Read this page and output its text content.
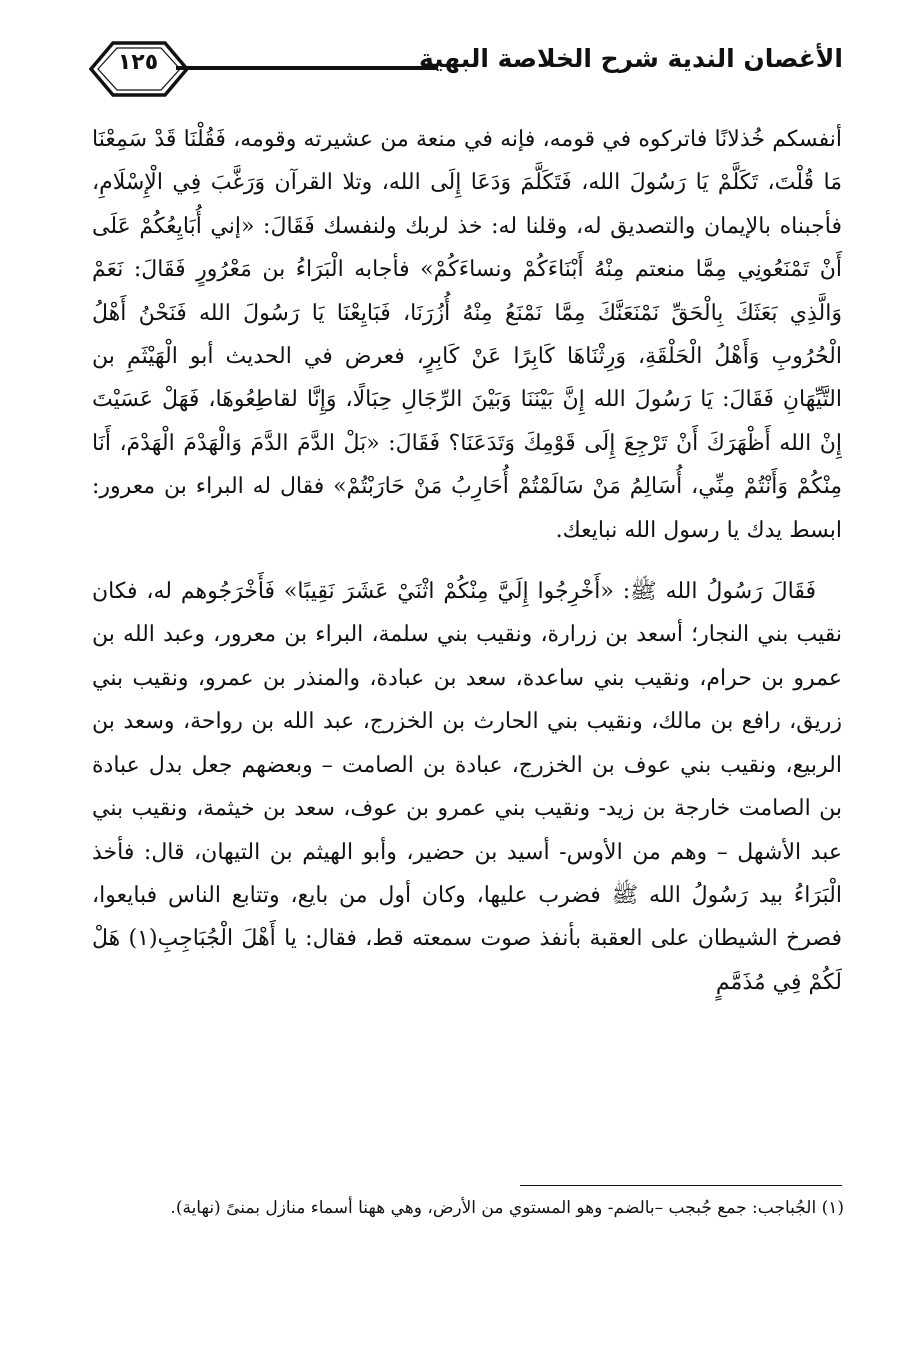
الأغصان الندية شرح الخلاصة البهية
١٢٥

أنفسكم خُذلانًا فاتركوه في قومه، فإنه في منعة من عشيرته وقومه، فَقُلْنَا قَدْ سَمِعْنَا مَا قُلْتَ، تَكَلَّمْ يَا رَسُولَ الله، فَتَكَلَّمَ وَدَعَا إِلَى الله، وتلا القرآن وَرَغَّبَ فِي الْإِسْلَامِ، فأجبناه بالإيمان والتصديق له، وقلنا له: خذ لربك ولنفسك فَقَالَ: «إني أُبَايِعُكُمْ عَلَى أَنْ تَمْنَعُونِي مِمَّا منعتم مِنْهُ أَبْنَاءَكُمْ ونساءَكُمْ» فأجابه الْبَرَاءُ بن مَعْرُورٍ فَقَالَ: نَعَمْ وَالَّذِي بَعَثَكَ بِالْحَقِّ نَمْنَعَنَّكَ مِمَّا نَمْنَعُ مِنْهُ أُزُرَنَا، فَبَايِعْنَا يَا رَسُولَ الله فَنَحْنُ أَهْلُ الْحُرُوبِ وَأَهْلُ الْحَلْقَةِ، وَرِثْنَاهَا كَابِرًا عَنْ كَابِرٍ، فعرض في الحديث أبو الْهَيْثَمِ بن التَّيِّهَانِ فَقَالَ: يَا رَسُولَ الله إِنَّ بَيْنَنَا وَبَيْنَ الرِّجَالِ حِبَالًا، وَإِنَّا لقاطِعُوهَا، فَهَلْ عَسَيْتَ إِنْ الله أَظْهَرَكَ أَنْ تَرْجِعَ إِلَى قَوْمِكَ وَتَدَعَنَا؟ فَقَالَ: «بَلْ الدَّمَ الدَّمَ وَالْهَدْمَ الْهَدْمَ، أَنَا مِنْكُمْ وَأَنْتُمْ مِنِّي، أُسَالِمُ مَنْ سَالَمْتُمْ أُحَارِبُ مَنْ حَارَبْتُمْ» فقال له البراء بن معرور: ابسط يدك يا رسول الله نبايعك.

فَقَالَ رَسُولُ الله ﷺ: «أَخْرِجُوا إِلَيَّ مِنْكُمْ اثْنَيْ عَشَرَ نَقِيبًا» فَأَخْرَجُوهم له، فكان نقيب بني النجار؛ أسعد بن زرارة، ونقيب بني سلمة، البراء بن معرور، وعبد الله بن عمرو بن حرام، ونقيب بني ساعدة، سعد بن عبادة، والمنذر بن عمرو، ونقيب بني زريق، رافع بن مالك، ونقيب بني الحارث بن الخزرج، عبد الله بن رواحة، وسعد بن الربيع، ونقيب بني عوف بن الخزرج، عبادة بن الصامت – وبعضهم جعل بدل عبادة بن الصامت خارجة بن زيد- ونقيب بني عمرو بن عوف، سعد بن خيثمة، ونقيب بني عبد الأشهل – وهم من الأوس- أسيد بن حضير، وأبو الهيثم بن التيهان، قال: فأخذ الْبَرَاءُ بيد رَسُولُ الله ﷺ فضرب عليها، وكان أول من بايع، وتتابع الناس فبايعوا، فصرخ الشيطان على العقبة بأنفذ صوت سمعته قط، فقال: يا أَهْلَ الْجُبَاجِبِ(١) هَلْ لَكُمْ فِي مُذَمَّمٍ

(١) الجُباجب: جمع جُبجب –بالضم- وهو المستوي من الأرض، وهي ههنا أسماء منازل بمنىً (نهاية).
